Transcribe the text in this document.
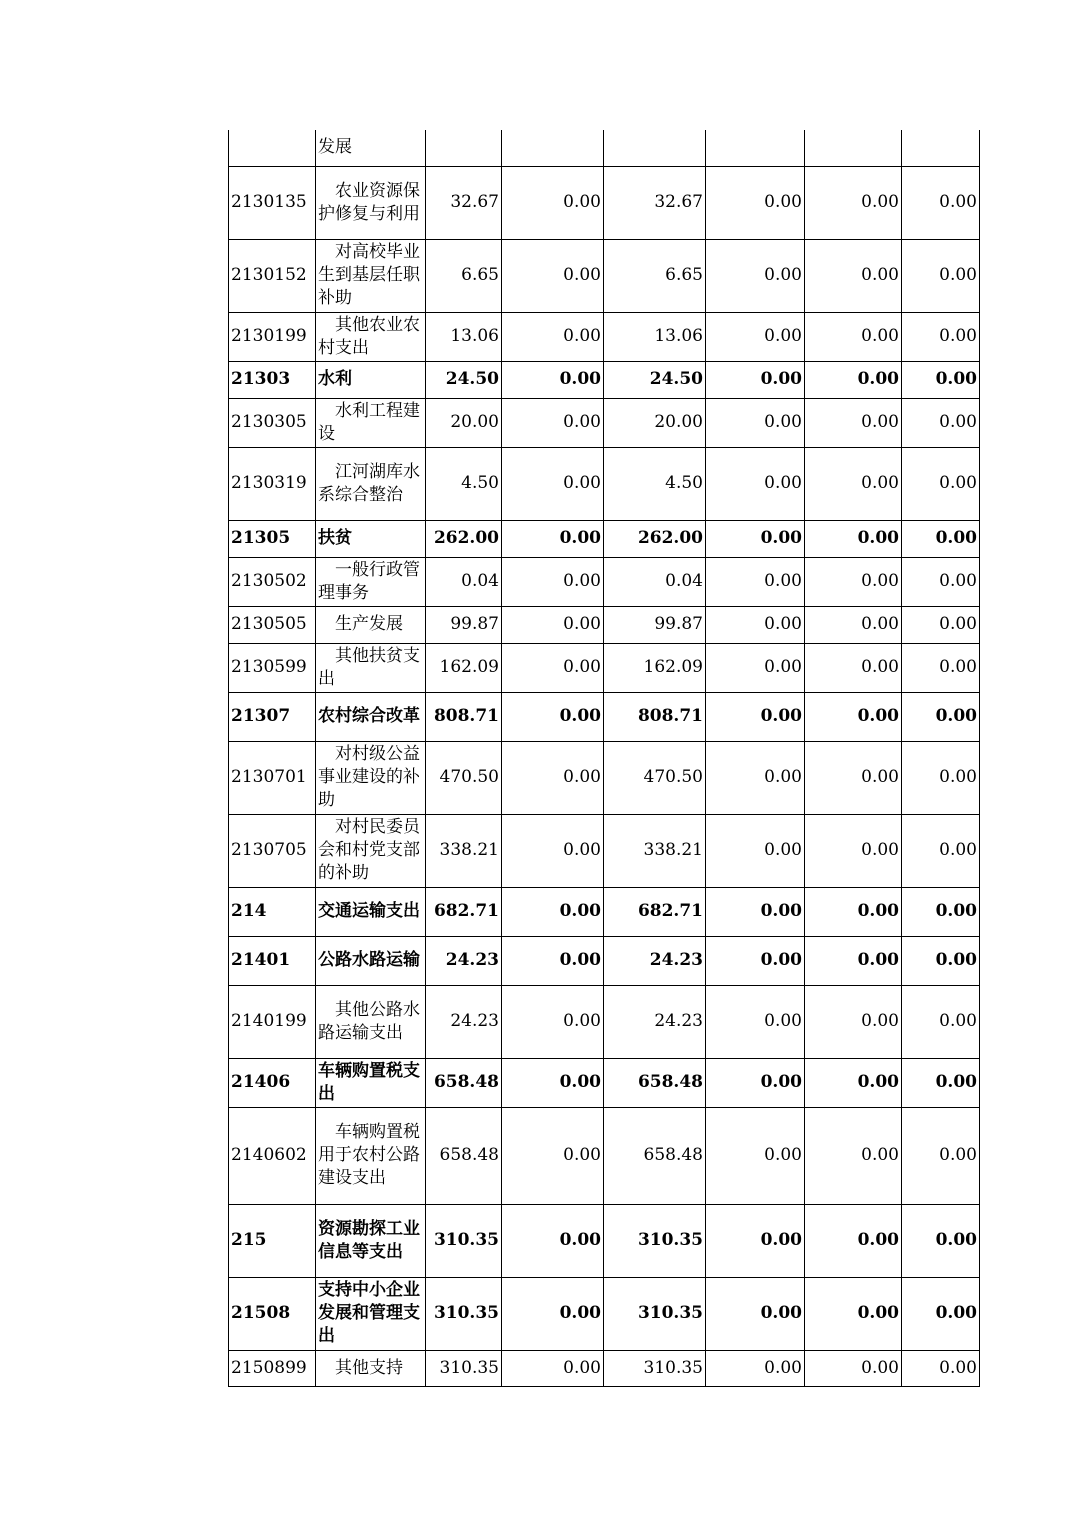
	发展						
2130135	农业资源保护修复与利用	32.67	0.00	32.67	0.00	0.00	0.00
2130152	对高校毕业生到基层任职补助	6.65	0.00	6.65	0.00	0.00	0.00
2130199	其他农业农村支出	13.06	0.00	13.06	0.00	0.00	0.00
21303	水利	24.50	0.00	24.50	0.00	0.00	0.00
2130305	水利工程建设	20.00	0.00	20.00	0.00	0.00	0.00
2130319	江河湖库水系综合整治	4.50	0.00	4.50	0.00	0.00	0.00
21305	扶贫	262.00	0.00	262.00	0.00	0.00	0.00
2130502	一般行政管理事务	0.04	0.00	0.04	0.00	0.00	0.00
2130505	生产发展	99.87	0.00	99.87	0.00	0.00	0.00
2130599	其他扶贫支出	162.09	0.00	162.09	0.00	0.00	0.00
21307	农村综合改革	808.71	0.00	808.71	0.00	0.00	0.00
2130701	对村级公益事业建设的补助	470.50	0.00	470.50	0.00	0.00	0.00
2130705	对村民委员会和村党支部的补助	338.21	0.00	338.21	0.00	0.00	0.00
214	交通运输支出	682.71	0.00	682.71	0.00	0.00	0.00
21401	公路水路运输	24.23	0.00	24.23	0.00	0.00	0.00
2140199	其他公路水路运输支出	24.23	0.00	24.23	0.00	0.00	0.00
21406	车辆购置税支出	658.48	0.00	658.48	0.00	0.00	0.00
2140602	车辆购置税用于农村公路建设支出	658.48	0.00	658.48	0.00	0.00	0.00
215	资源勘探工业信息等支出	310.35	0.00	310.35	0.00	0.00	0.00
21508	支持中小企业发展和管理支出	310.35	0.00	310.35	0.00	0.00	0.00
2150899	其他支持	310.35	0.00	310.35	0.00	0.00	0.00
